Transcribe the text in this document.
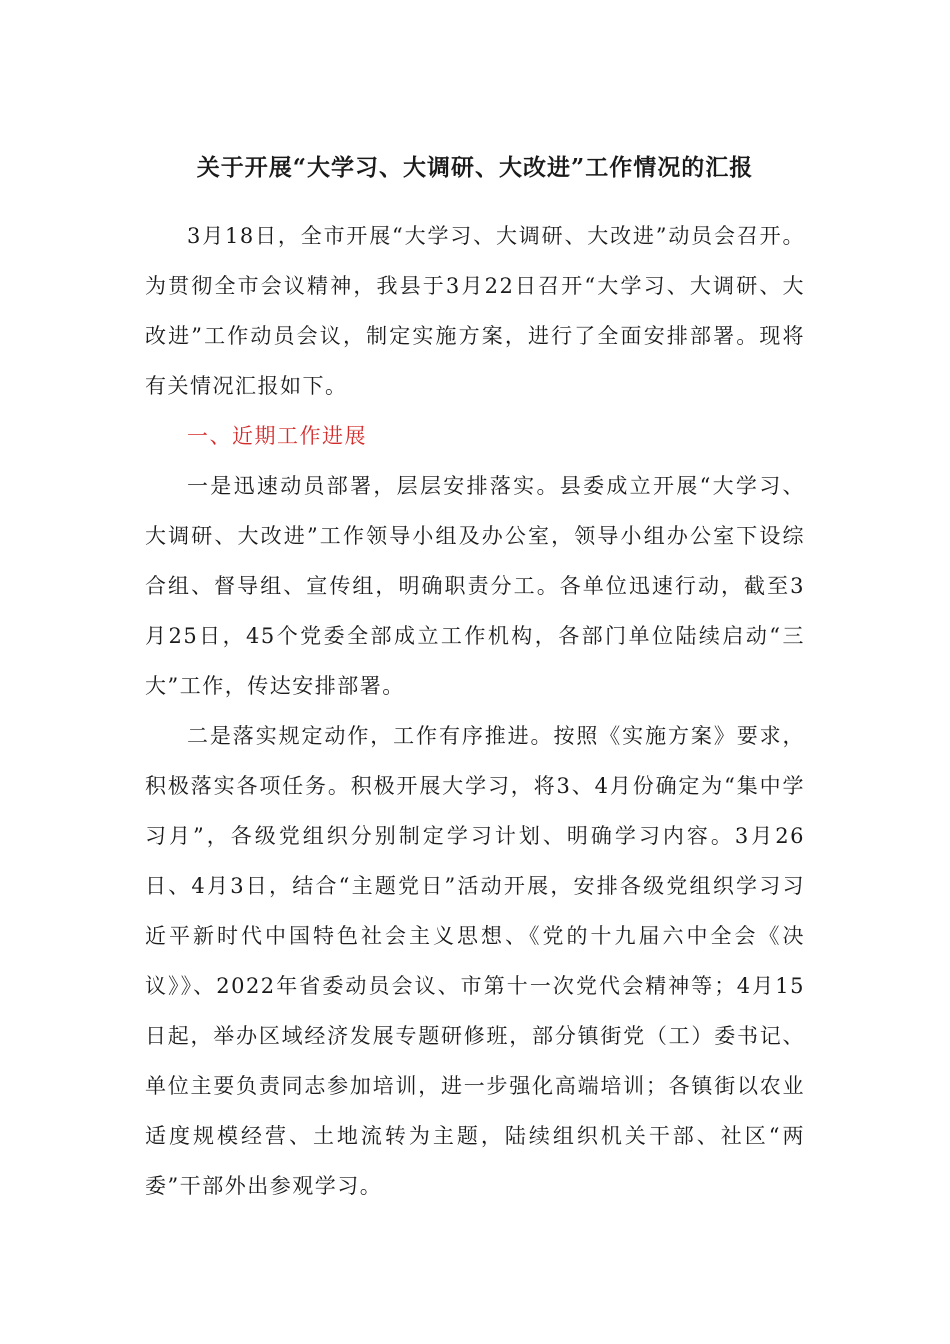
关于开展“大学习、大调研、大改进”工作情况的汇报

3月18日，全市开展“大学习、大调研、大改进”动员会召开。为贯彻全市会议精神，我县于3月22日召开“大学习、大调研、大改进”工作动员会议，制定实施方案，进行了全面安排部署。现将有关情况汇报如下。

一、近期工作进展

一是迅速动员部署，层层安排落实。县委成立开展“大学习、大调研、大改进”工作领导小组及办公室，领导小组办公室下设综合组、督导组、宣传组，明确职责分工。各单位迅速行动，截至3月25日，45个党委全部成立工作机构，各部门单位陆续启动“三大”工作，传达安排部署。

二是落实规定动作，工作有序推进。按照《实施方案》要求，积极落实各项任务。积极开展大学习，将3、4月份确定为“集中学习月”，各级党组织分别制定学习计划、明确学习内容。3月26日、4月3日，结合“主题党日”活动开展，安排各级党组织学习习近平新时代中国特色社会主义思想、《党的十九届六中全会《决议》》、2022年省委动员会议、市第十一次党代会精神等；4月15日起，举办区域经济发展专题研修班，部分镇街党（工）委书记、单位主要负责同志参加培训，进一步强化高端培训；各镇街以农业适度规模经营、土地流转为主题，陆续组织机关干部、社区“两委”干部外出参观学习。
